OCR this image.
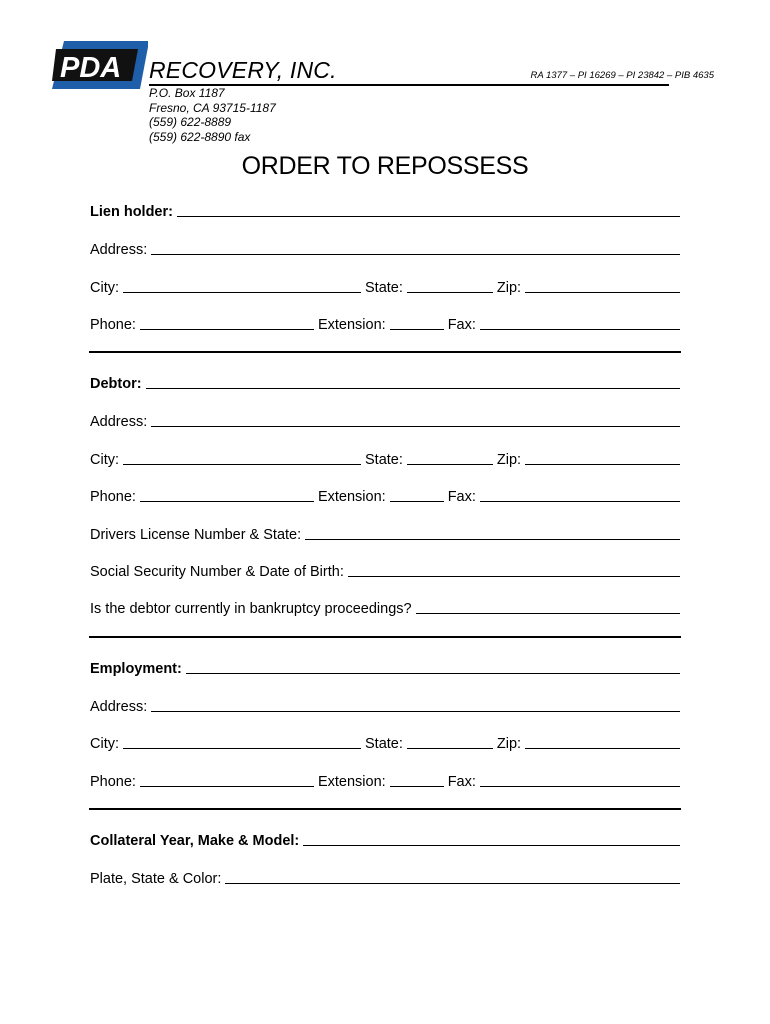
PDA RECOVERY, INC.	RA 1377 – PI 16269 – PI 23842 – PIB 4635
P.O. Box 1187
Fresno, CA 93715-1187
(559) 622-8889
(559) 622-8890 fax
ORDER TO REPOSSESS
Lien holder:
Address:
City:	State:	Zip:
Phone:	Extension:	Fax:
Debtor:
Address:
City:	State:	Zip:
Phone:	Extension:	Fax:
Drivers License Number & State:
Social Security Number & Date of Birth:
Is the debtor currently in bankruptcy proceedings?
Employment:
Address:
City:	State:	Zip:
Phone:	Extension:	Fax:
Collateral Year, Make & Model:
Plate, State & Color:
